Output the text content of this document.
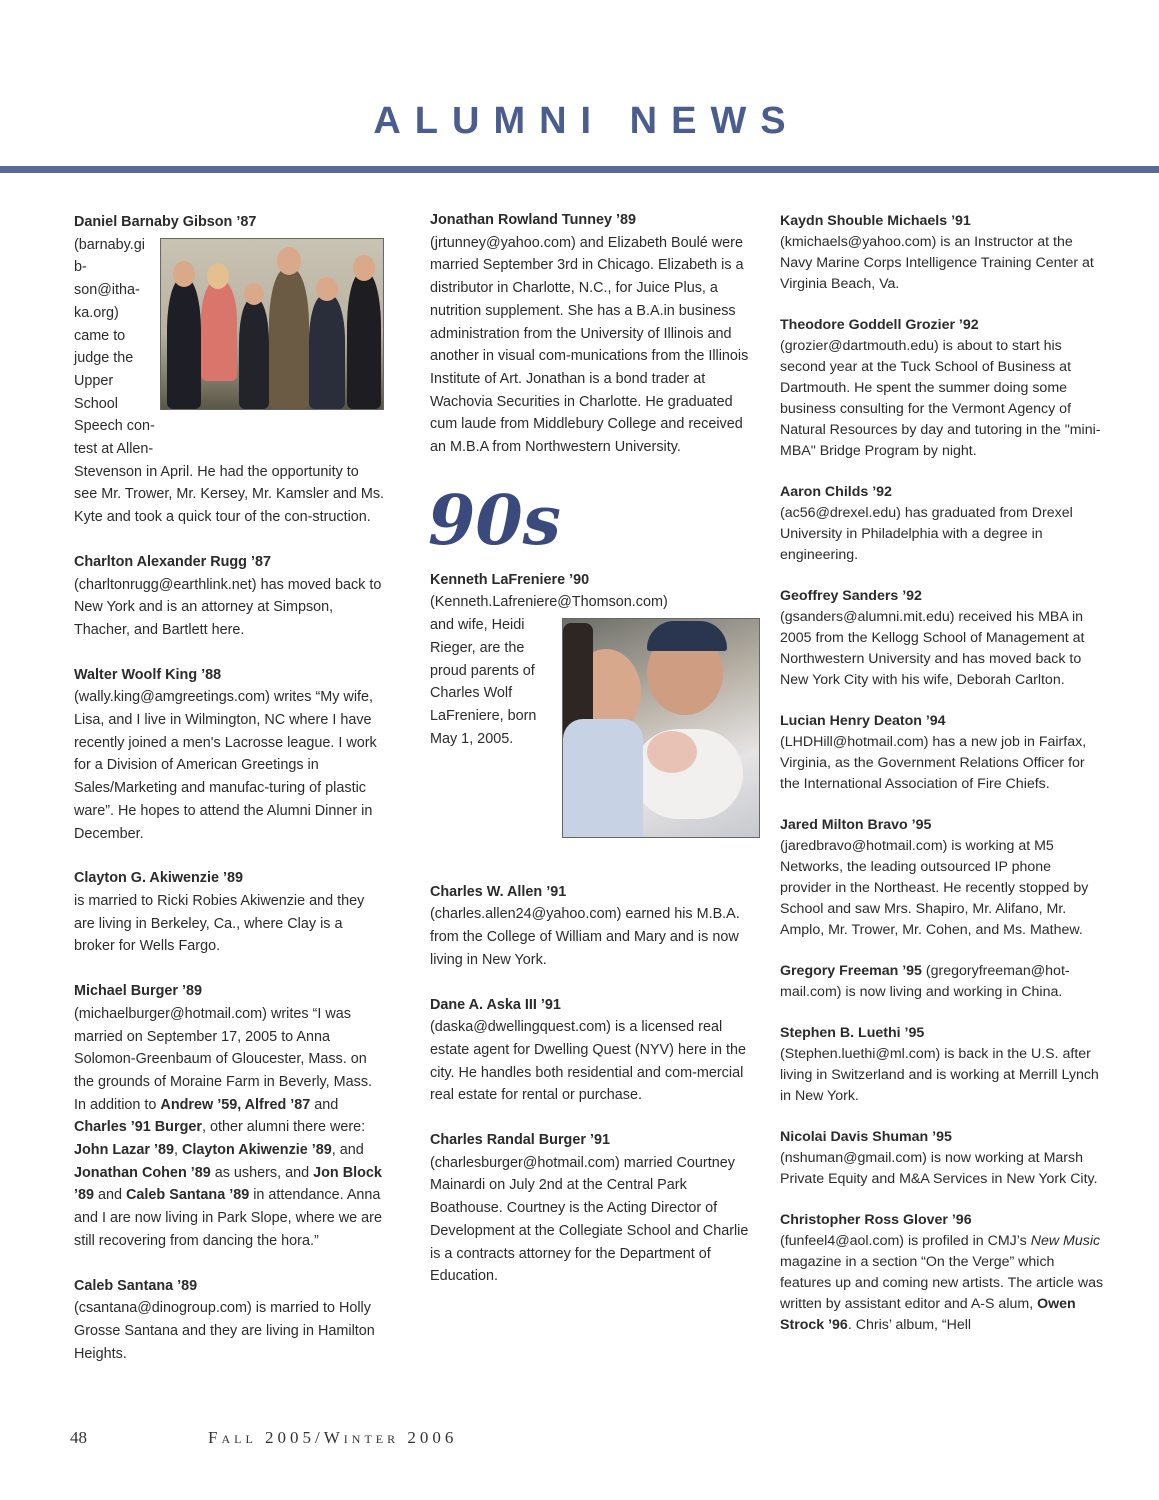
ALUMNI NEWS
Daniel Barnaby Gibson ’87
(barnaby.gib-son@itha-ka.org) came to judge the Upper School Speech con-test at Allen-
Stevenson in April. He had the opportunity to see Mr. Trower, Mr. Kersey, Mr. Kamsler and Ms. Kyte and took a quick tour of the con-struction.
Charlton Alexander Rugg ’87
(charltonrugg@earthlink.net) has moved back to New York and is an attorney at Simpson, Thacher, and Bartlett here.
Walter Woolf King ’88
(wally.king@amgreetings.com) writes “My wife, Lisa, and I live in Wilmington, NC where I have recently joined a men's Lacrosse league. I work for a Division of American Greetings in Sales/Marketing and manufac-turing of plastic ware”. He hopes to attend the Alumni Dinner in December.
Clayton G. Akiwenzie ’89
is married to Ricki Robies Akiwenzie and they are living in Berkeley, Ca., where Clay is a broker for Wells Fargo.
Michael Burger ’89
(michaelburger@hotmail.com) writes “I was married on September 17, 2005 to Anna Solomon-Greenbaum of Gloucester, Mass. on the grounds of Moraine Farm in Beverly, Mass. In addition to Andrew ’59, Alfred ’87 and Charles ’91 Burger, other alumni there were: John Lazar ’89, Clayton Akiwenzie ’89, and Jonathan Cohen ’89 as ushers, and Jon Block ’89 and Caleb Santana ’89 in attendance. Anna and I are now living in Park Slope, where we are still recovering from dancing the hora.”
Caleb Santana ’89
(csantana@dinogroup.com) is married to Holly Grosse Santana and they are living in Hamilton Heights.
Jonathan Rowland Tunney ’89
(jrtunney@yahoo.com) and Elizabeth Boulé were married September 3rd in Chicago. Elizabeth is a distributor in Charlotte, N.C., for Juice Plus, a nutrition supplement. She has a B.A.in business administration from the University of Illinois and another in visual com-munications from the Illinois Institute of Art. Jonathan is a bond trader at Wachovia Securities in Charlotte. He graduated cum laude from Middlebury College and received an M.B.A from Northwestern University.
90s
Kenneth LaFreniere ’90
(Kenneth.Lafreniere@Thomson.com)
and wife, Heidi Rieger, are the proud parents of Charles Wolf LaFreniere, born May 1, 2005.
Charles W. Allen ’91
(charles.allen24@yahoo.com) earned his M.B.A. from the College of William and Mary and is now living in New York.
Dane A. Aska III ’91
(daska@dwellingquest.com) is a licensed real estate agent for Dwelling Quest (NYV) here in the city. He handles both residential and com-mercial real estate for rental or purchase.
Charles Randal Burger ’91
(charlesburger@hotmail.com) married Courtney Mainardi on July 2nd at the Central Park Boathouse. Courtney is the Acting Director of Development at the Collegiate School and Charlie is a contracts attorney for the Department of Education.
Kaydn Shouble Michaels ’91
(kmichaels@yahoo.com) is an Instructor at the Navy Marine Corps Intelligence Training Center at Virginia Beach, Va.
Theodore Goddell Grozier ’92
(grozier@dartmouth.edu) is about to start his second year at the Tuck School of Business at Dartmouth. He spent the summer doing some business consulting for the Vermont Agency of Natural Resources by day and tutoring in the "mini-MBA" Bridge Program by night.
Aaron Childs ’92
(ac56@drexel.edu) has graduated from Drexel University in Philadelphia with a degree in engineering.
Geoffrey Sanders ’92
(gsanders@alumni.mit.edu) received his MBA in 2005 from the Kellogg School of Management at Northwestern University and has moved back to New York City with his wife, Deborah Carlton.
Lucian Henry Deaton ’94
(LHDHill@hotmail.com) has a new job in Fairfax, Virginia, as the Government Relations Officer for the International Association of Fire Chiefs.
Jared Milton Bravo ’95
(jaredbravo@hotmail.com) is working at M5 Networks, the leading outsourced IP phone provider in the Northeast. He recently stopped by School and saw Mrs. Shapiro, Mr. Alifano, Mr. Amplo, Mr. Trower, Mr. Cohen, and Ms. Mathew.
Gregory Freeman ’95 (gregoryfreeman@hot-mail.com) is now living and working in China.
Stephen B. Luethi ’95
(Stephen.luethi@ml.com) is back in the U.S. after living in Switzerland and is working at Merrill Lynch in New York.
Nicolai Davis Shuman ’95
(nshuman@gmail.com) is now working at Marsh Private Equity and M&A Services in New York City.
Christopher Ross Glover ’96
(funfeel4@aol.com) is profiled in CMJ’s New Music magazine in a section “On the Verge” which features up and coming new artists. The article was written by assistant editor and A-S alum, Owen Strock ’96. Chris’ album, “Hell
48	Fall 2005/Winter 2006
